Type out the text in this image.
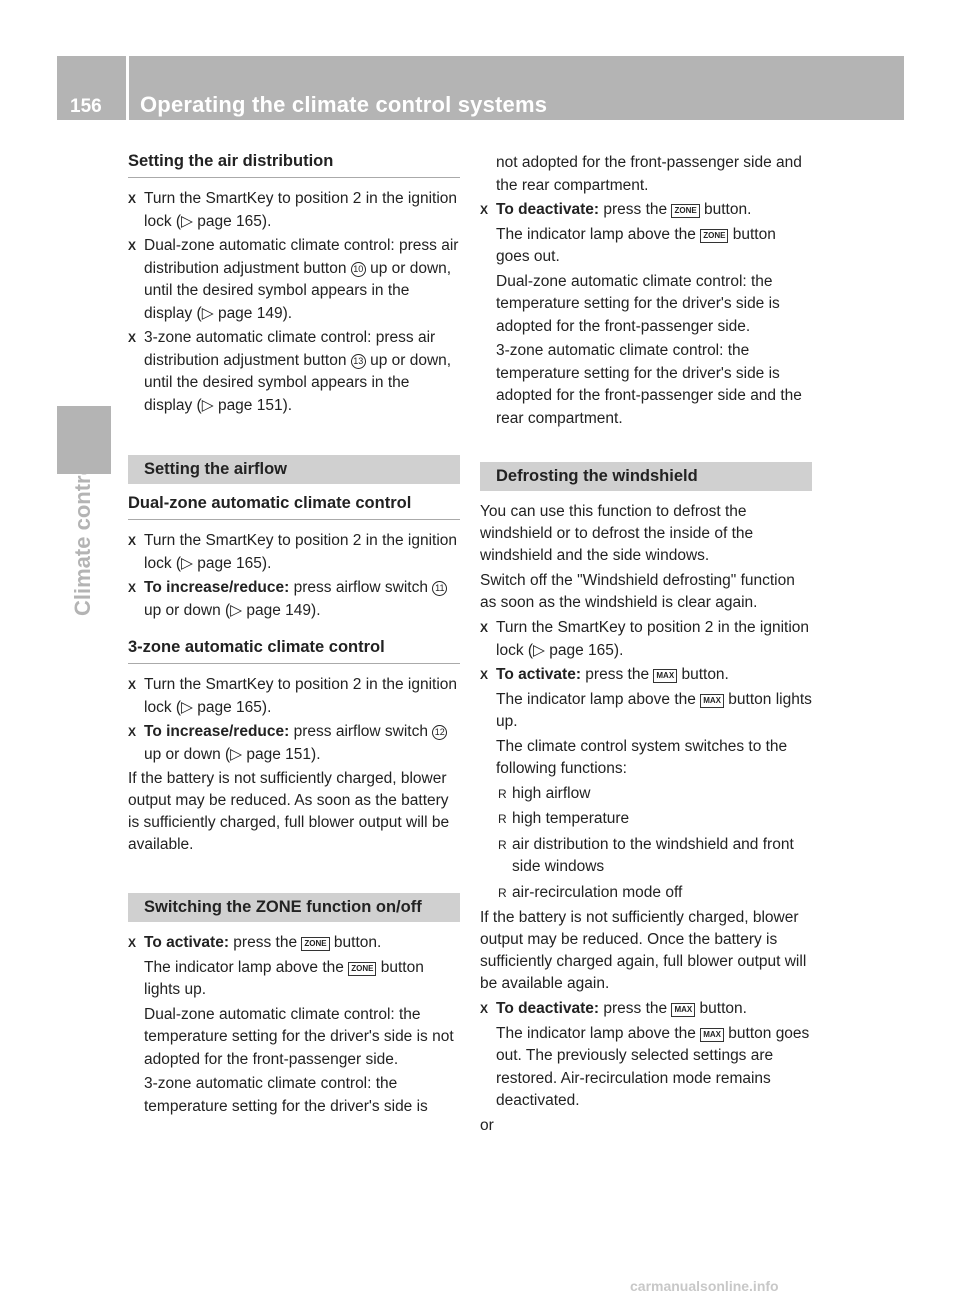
156 Operating the climate control systems
Climate control
Setting the air distribution
X Turn the SmartKey to position 2 in the ignition lock (▷ page 165).
X Dual-zone automatic climate control: press air distribution adjustment button 10 up or down, until the desired symbol appears in the display (▷ page 149).
X 3-zone automatic climate control: press air distribution adjustment button 13 up or down, until the desired symbol appears in the display (▷ page 151).
Setting the airflow
Dual-zone automatic climate control
X Turn the SmartKey to position 2 in the ignition lock (▷ page 165).
X To increase/reduce: press airflow switch 11 up or down (▷ page 149).
3-zone automatic climate control
X Turn the SmartKey to position 2 in the ignition lock (▷ page 165).
X To increase/reduce: press airflow switch 12 up or down (▷ page 151).
If the battery is not sufficiently charged, blower output may be reduced. As soon as the battery is sufficiently charged, full blower output will be available.
Switching the ZONE function on/off
X To activate: press the ZONE button.
The indicator lamp above the ZONE button lights up.
Dual-zone automatic climate control: the temperature setting for the driver's side is not adopted for the front-passenger side.
3-zone automatic climate control: the temperature setting for the driver's side is
not adopted for the front-passenger side and the rear compartment.
X To deactivate: press the ZONE button.
The indicator lamp above the ZONE button goes out.
Dual-zone automatic climate control: the temperature setting for the driver's side is adopted for the front-passenger side.
3-zone automatic climate control: the temperature setting for the driver's side is adopted for the front-passenger side and the rear compartment.
Defrosting the windshield
You can use this function to defrost the windshield or to defrost the inside of the windshield and the side windows.
Switch off the "Windshield defrosting" function as soon as the windshield is clear again.
X Turn the SmartKey to position 2 in the ignition lock (▷ page 165).
X To activate: press the MAX button.
The indicator lamp above the MAX button lights up.
The climate control system switches to the following functions:
R high airflow
R high temperature
R air distribution to the windshield and front side windows
R air-recirculation mode off
If the battery is not sufficiently charged, blower output may be reduced. Once the battery is sufficiently charged again, full blower output will be available again.
X To deactivate: press the MAX button.
The indicator lamp above the MAX button goes out. The previously selected settings are restored. Air-recirculation mode remains deactivated.
or
carmanualsonline.info
